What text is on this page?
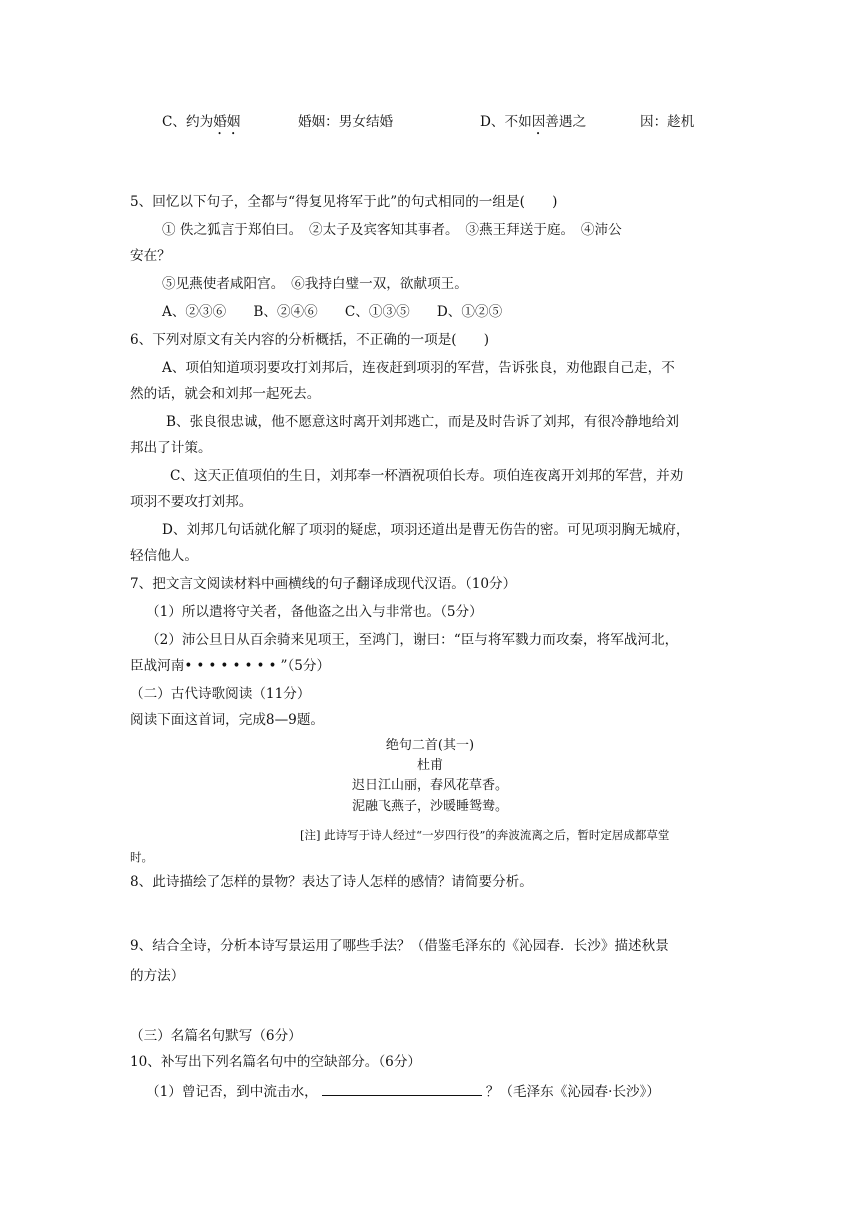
C、约为婚姻	婚姻：男女结婚	D、不如因善遇之	因：趁机
5、回忆以下句子，全都与“得复见将军于此”的句式相同的一组是(　　)
① 佚之狐言于郑伯曰。　②太子及宾客知其事者。　③燕王拜送于庭。　④沛公
安在？
⑤见燕使者咸阳宫。　⑥我持白璧一双，欲献项王。
A、②③⑥　　B、②④⑥　　C、①③⑤　　D、①②⑤
6、下列对原文有关内容的分析概括，不正确的一项是(　　)
A、项伯知道项羽要攻打刘邦后，连夜赶到项羽的军营，告诉张良，劝他跟自己走，不
然的话，就会和刘邦一起死去。
B、张良很忠诚，他不愿意这时离开刘邦逃亡，而是及时告诉了刘邦，有很冷静地给刘
邦出了计策。
C、这天正值项伯的生日，刘邦奉一杯酒祝项伯长寿。项伯连夜离开刘邦的军营，并劝
项羽不要攻打刘邦。
D、刘邦几句话就化解了项羽的疑虑，项羽还道出是曹无伤告的密。可见项羽胸无城府，
轻信他人。
7、把文言文阅读材料中画横线的句子翻译成现代汉语。（10分）
（1）所以遣将守关者，备他盗之出入与非常也。（5分）
（2）沛公旦日从百余骑来见项王，至鸿门，谢曰：“臣与将军戮力而攻秦，将军战河北，
臣战河南••••••••”（5分）
（二）古代诗歌阅读（11分）
阅读下面这首词，完成8—9题。
绝句二首(其一)
杜甫
迟日江山丽，春风花草香。
泥融飞燕子，沙暖睡鸳鸯。
[注] 此诗写于诗人经过“一岁四行役”的奔波流离之后，暂时定居成都草堂
时。
8、此诗描绘了怎样的景物？表达了诗人怎样的感情？请简要分析。
9、结合全诗，分析本诗写景运用了哪些手法？（借鉴毛泽东的《沁园春．长沙》描述秋景
的方法）
（三）名篇名句默写（6分）
10、补写出下列名篇名句中的空缺部分。（6分）
（1）曾记否，到中流击水，	？（毛泽东《沁园春·长沙》）
